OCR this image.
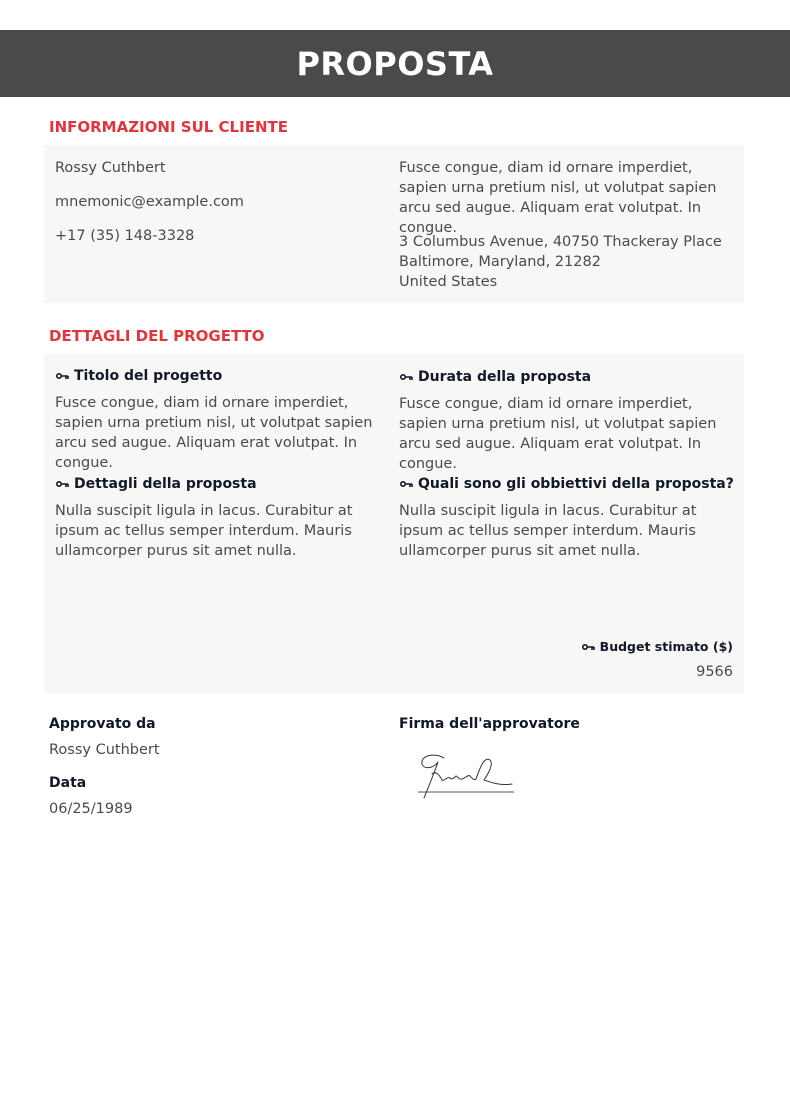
PROPOSTA
INFORMAZIONI SUL CLIENTE

Rossy Cuthbert

mnemonic@example.com

+17 (35) 148-3328

Fusce congue, diam id ornare imperdiet, sapien urna pretium nisl, ut volutpat sapien arcu sed augue. Aliquam erat volutpat. In congue.

3 Columbus Avenue, 40750 Thackeray Place

Baltimore, Maryland, 21282

United States

DETTAGLI DEL PROGETTO
Titolo del progetto

Fusce congue, diam id ornare imperdiet, sapien urna pretium nisl, ut volutpat sapien arcu sed augue. Aliquam erat volutpat. In congue.

Durata della proposta

Fusce congue, diam id ornare imperdiet, sapien urna pretium nisl, ut volutpat sapien arcu sed augue. Aliquam erat volutpat. In congue.

Dettagli della proposta

Nulla suscipit ligula in lacus. Curabitur at ipsum ac tellus semper interdum. Mauris ullamcorper purus sit amet nulla.

Quali sono gli obbiettivi della proposta?

Nulla suscipit ligula in lacus. Curabitur at ipsum ac tellus semper interdum. Mauris ullamcorper purus sit amet nulla.

Budget stimato ($)

9566

Approvato da

Rossy Cuthbert

Data

06/25/1989

Firma dell'approvatore
